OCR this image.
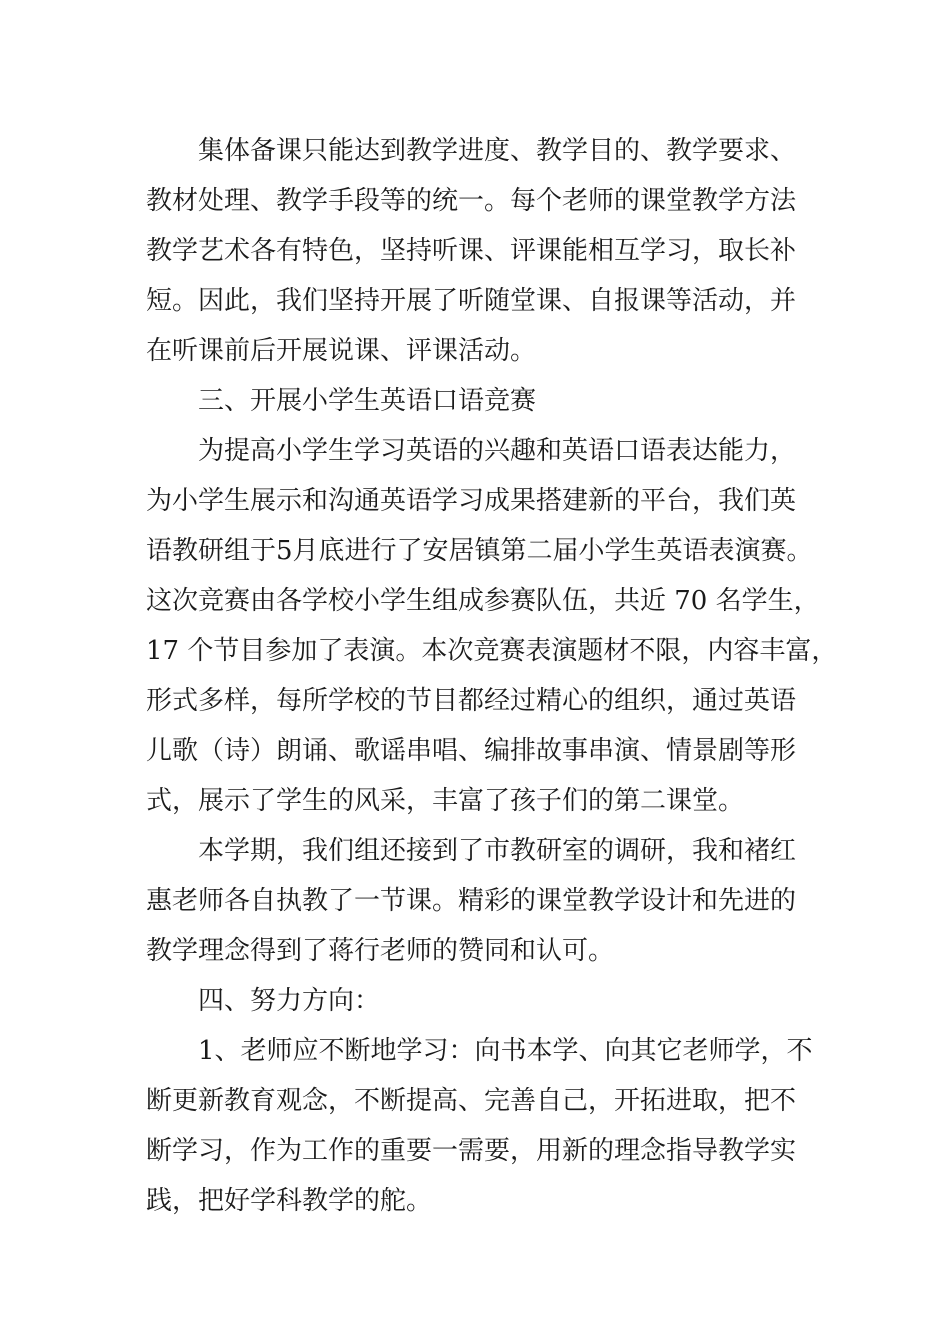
集体备课只能达到教学进度、教学目的、教学要求、
教材处理、教学手段等的统一。每个老师的课堂教学方法
教学艺术各有特色，坚持听课、评课能相互学习，取长补
短。因此，我们坚持开展了听随堂课、自报课等活动，并
在听课前后开展说课、评课活动。
三、开展小学生英语口语竞赛
为提高小学生学习英语的兴趣和英语口语表达能力，
为小学生展示和沟通英语学习成果搭建新的平台，我们英
语教研组于5月底进行了安居镇第二届小学生英语表演赛。
这次竞赛由各学校小学生组成参赛队伍，共近 70 名学生，
17 个节目参加了表演。本次竞赛表演题材不限，内容丰富，
形式多样，每所学校的节目都经过精心的组织，通过英语
儿歌（诗）朗诵、歌谣串唱、编排故事串演、情景剧等形
式，展示了学生的风采，丰富了孩子们的第二课堂。
本学期，我们组还接到了市教研室的调研，我和褚红
惠老师各自执教了一节课。精彩的课堂教学设计和先进的
教学理念得到了蒋行老师的赞同和认可。
四、努力方向：
1、老师应不断地学习：向书本学、向其它老师学，不
断更新教育观念，不断提高、完善自己，开拓进取，把不
断学习，作为工作的重要一需要，用新的理念指导教学实
践，把好学科教学的舵。
